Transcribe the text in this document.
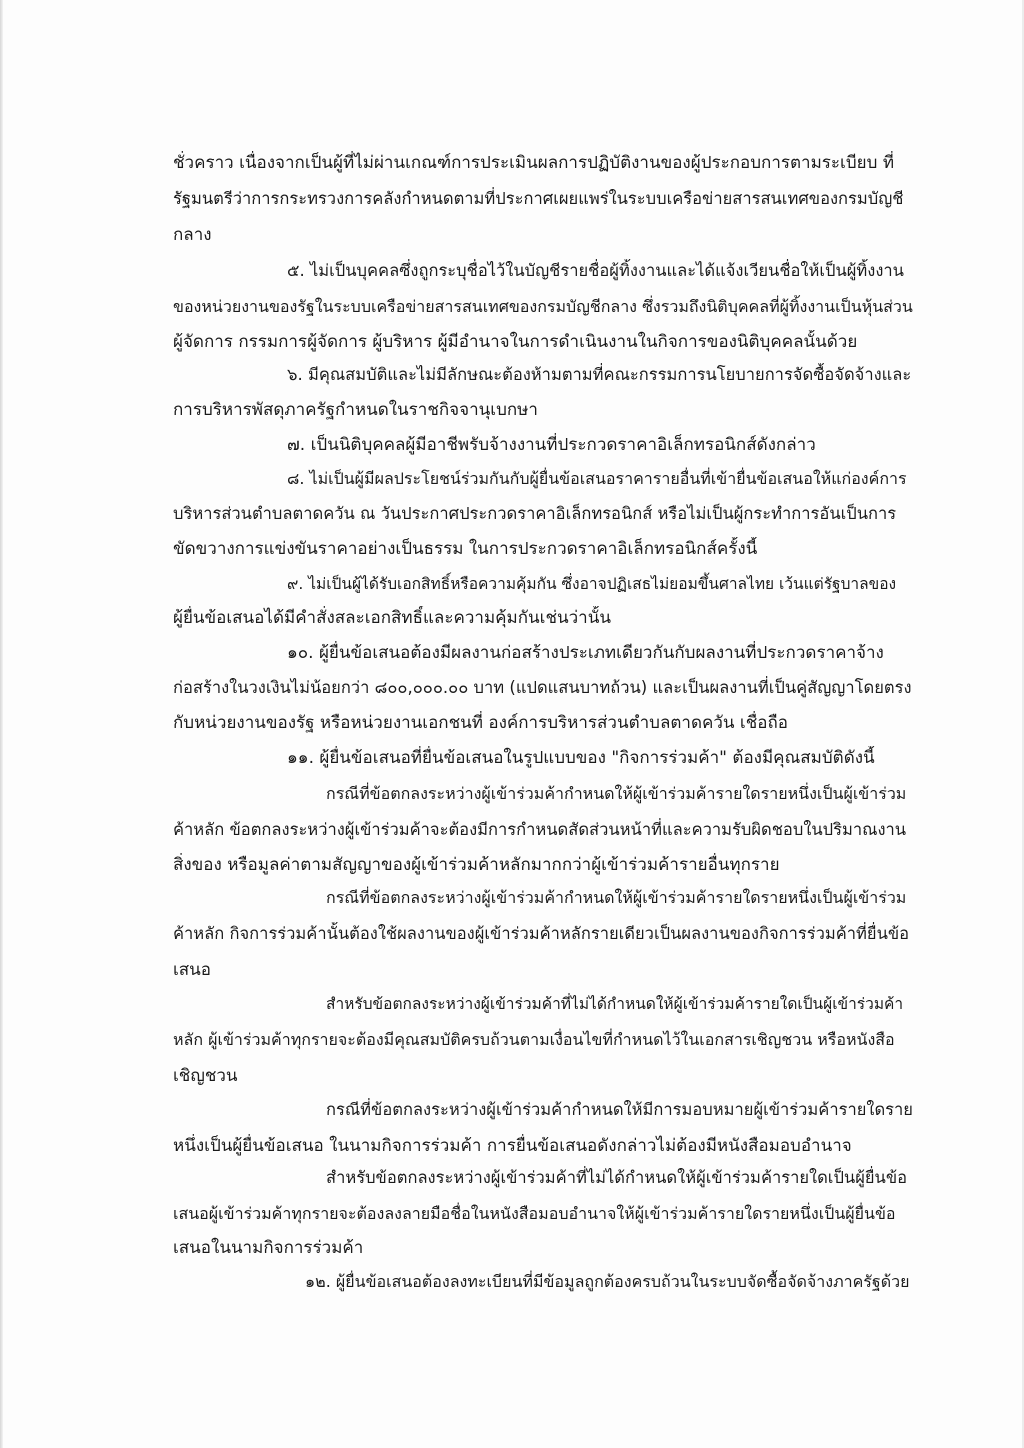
ชั่วคราว เนื่องจากเป็นผู้ที่ไม่ผ่านเกณฑ์การประเมินผลการปฏิบัติงานของผู้ประกอบการตามระเบียบ ที่
รัฐมนตรีว่าการกระทรวงการคลังกำหนดตามที่ประกาศเผยแพร่ในระบบเครือข่ายสารสนเทศของกรมบัญชี
กลาง
๕. ไม่เป็นบุคคลซึ่งถูกระบุชื่อไว้ในบัญชีรายชื่อผู้ทิ้งงานและได้แจ้งเวียนชื่อให้เป็นผู้ทิ้งงาน
ของหน่วยงานของรัฐในระบบเครือข่ายสารสนเทศของกรมบัญชีกลาง ซึ่งรวมถึงนิติบุคคลที่ผู้ทิ้งงานเป็นหุ้นส่วน
ผู้จัดการ กรรมการผู้จัดการ ผู้บริหาร ผู้มีอำนาจในการดำเนินงานในกิจการของนิติบุคคลนั้นด้วย
๖. มีคุณสมบัติและไม่มีลักษณะต้องห้ามตามที่คณะกรรมการนโยบายการจัดซื้อจัดจ้างและ
การบริหารพัสดุภาครัฐกำหนดในราชกิจจานุเบกษา
๗. เป็นนิติบุคคลผู้มีอาชีพรับจ้างงานที่ประกวดราคาอิเล็กทรอนิกส์ดังกล่าว
๘. ไม่เป็นผู้มีผลประโยชน์ร่วมกันกับผู้ยื่นข้อเสนอราคารายอื่นที่เข้ายื่นข้อเสนอให้แก่องค์การ
บริหารส่วนตำบลตาดควัน ณ วันประกาศประกวดราคาอิเล็กทรอนิกส์ หรือไม่เป็นผู้กระทำการอันเป็นการ
ขัดขวางการแข่งขันราคาอย่างเป็นธรรม ในการประกวดราคาอิเล็กทรอนิกส์ครั้งนี้
๙. ไม่เป็นผู้ได้รับเอกสิทธิ์หรือความคุ้มกัน ซึ่งอาจปฏิเสธไม่ยอมขึ้นศาลไทย เว้นแต่รัฐบาลของ
ผู้ยื่นข้อเสนอได้มีคำสั่งสละเอกสิทธิ์และความคุ้มกันเช่นว่านั้น
๑๐. ผู้ยื่นข้อเสนอต้องมีผลงานก่อสร้างประเภทเดียวกันกับผลงานที่ประกวดราคาจ้าง
ก่อสร้างในวงเงินไม่น้อยกว่า ๘๐๐,๐๐๐.๐๐ บาท (แปดแสนบาทถ้วน) และเป็นผลงานที่เป็นคู่สัญญาโดยตรง
กับหน่วยงานของรัฐ หรือหน่วยงานเอกชนที่ องค์การบริหารส่วนตำบลตาดควัน เชื่อถือ
๑๑. ผู้ยื่นข้อเสนอที่ยื่นข้อเสนอในรูปแบบของ "กิจการร่วมค้า" ต้องมีคุณสมบัติดังนี้
กรณีที่ข้อตกลงระหว่างผู้เข้าร่วมค้ากำหนดให้ผู้เข้าร่วมค้ารายใดรายหนึ่งเป็นผู้เข้าร่วม
ค้าหลัก ข้อตกลงระหว่างผู้เข้าร่วมค้าจะต้องมีการกำหนดสัดส่วนหน้าที่และความรับผิดชอบในปริมาณงาน
สิ่งของ หรือมูลค่าตามสัญญาของผู้เข้าร่วมค้าหลักมากกว่าผู้เข้าร่วมค้ารายอื่นทุกราย
กรณีที่ข้อตกลงระหว่างผู้เข้าร่วมค้ากำหนดให้ผู้เข้าร่วมค้ารายใดรายหนึ่งเป็นผู้เข้าร่วม
ค้าหลัก กิจการร่วมค้านั้นต้องใช้ผลงานของผู้เข้าร่วมค้าหลักรายเดียวเป็นผลงานของกิจการร่วมค้าที่ยื่นข้อ
เสนอ
สำหรับข้อตกลงระหว่างผู้เข้าร่วมค้าที่ไม่ได้กำหนดให้ผู้เข้าร่วมค้ารายใดเป็นผู้เข้าร่วมค้า
หลัก ผู้เข้าร่วมค้าทุกรายจะต้องมีคุณสมบัติครบถ้วนตามเงื่อนไขที่กำหนดไว้ในเอกสารเชิญชวน หรือหนังสือ
เชิญชวน
กรณีที่ข้อตกลงระหว่างผู้เข้าร่วมค้ากำหนดให้มีการมอบหมายผู้เข้าร่วมค้ารายใดราย
หนึ่งเป็นผู้ยื่นข้อเสนอ ในนามกิจการร่วมค้า การยื่นข้อเสนอดังกล่าวไม่ต้องมีหนังสือมอบอำนาจ
สำหรับข้อตกลงระหว่างผู้เข้าร่วมค้าที่ไม่ได้กำหนดให้ผู้เข้าร่วมค้ารายใดเป็นผู้ยื่นข้อ
เสนอผู้เข้าร่วมค้าทุกรายจะต้องลงลายมือชื่อในหนังสือมอบอำนาจให้ผู้เข้าร่วมค้ารายใดรายหนึ่งเป็นผู้ยื่นข้อ
เสนอในนามกิจการร่วมค้า
๑๒. ผู้ยื่นข้อเสนอต้องลงทะเบียนที่มีข้อมูลถูกต้องครบถ้วนในระบบจัดซื้อจัดจ้างภาครัฐด้วย
